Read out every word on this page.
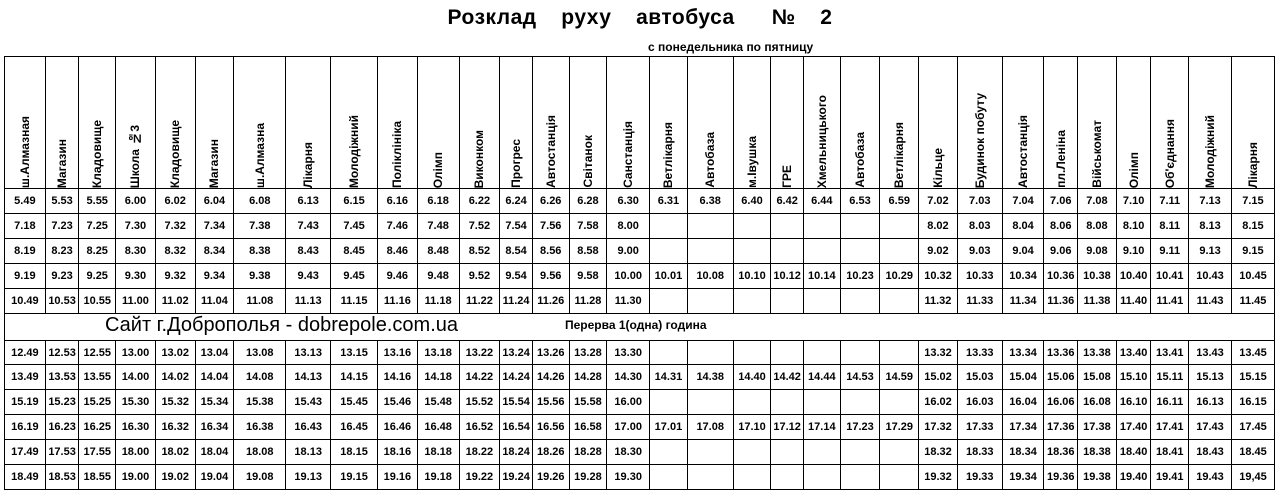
Розклад  руху  автобуса   №  2
с понедельника по пятницу
ш.Алмазная	Магазин	Кладовище	Школа №3	Кладовище	Магазин	ш.Алмазна	Лікарня	Молодіжний	Поліклініка	Олімп	Виконком	Прогрес	Автостанція	Світанок	Санстанція	Ветлікарня	Автобаза	м.Івушка	ГРЕ	Хмельницького	Автобаза	Ветлікарня	Кільце	Будинок побуту	Автостанція	пл.Леніна	Військомат	Олімп	Об'єднання	Молодіжний	Лікарня

5.49	5.53	5.55	6.00	6.02	6.04	6.08	6.13	6.15	6.16	6.18	6.22	6.24	6.26	6.28	6.30	6.31	6.38	6.40	6.42	6.44	6.53	6.59	7.02	7.03	7.04	7.06	7.08	7.10	7.11	7.13	7.15
7.18	7.23	7.25	7.30	7.32	7.34	7.38	7.43	7.45	7.46	7.48	7.52	7.54	7.56	7.58	8.00								8.02	8.03	8.04	8.06	8.08	8.10	8.11	8.13	8.15
8.19	8.23	8.25	8.30	8.32	8.34	8.38	8.43	8.45	8.46	8.48	8.52	8.54	8.56	8.58	9.00								9.02	9.03	9.04	9.06	9.08	9.10	9.11	9.13	9.15
9.19	9.23	9.25	9.30	9.32	9.34	9.38	9.43	9.45	9.46	9.48	9.52	9.54	9.56	9.58	10.00	10.01	10.08	10.10	10.12	10.14	10.23	10.29	10.32	10.33	10.34	10.36	10.38	10.40	10.41	10.43	10.45
10.49	10.53	10.55	11.00	11.02	11.04	11.08	11.13	11.15	11.16	11.18	11.22	11.24	11.26	11.28	11.30								11.32	11.33	11.34	11.36	11.38	11.40	11.41	11.43	11.45

Сайт г.Доброполья - dobrepole.com.ua Перерва 1(одна) година																															

12.49	12.53	12.55	13.00	13.02	13.04	13.08	13.13	13.15	13.16	13.18	13.22	13.24	13.26	13.28	13.30								13.32	13.33	13.34	13.36	13.38	13.40	13.41	13.43	13.45
13.49	13.53	13.55	14.00	14.02	14.04	14.08	14.13	14.15	14.16	14.18	14.22	14.24	14.26	14.28	14.30	14.31	14.38	14.40	14.42	14.44	14.53	14.59	15.02	15.03	15.04	15.06	15.08	15.10	15.11	15.13	15.15
15.19	15.23	15.25	15.30	15.32	15.34	15.38	15.43	15.45	15.46	15.48	15.52	15.54	15.56	15.58	16.00								16.02	16.03	16.04	16.06	16.08	16.10	16.11	16.13	16.15
16.19	16.23	16.25	16.30	16.32	16.34	16.38	16.43	16.45	16.46	16.48	16.52	16.54	16.56	16.58	17.00	17.01	17.08	17.10	17.12	17.14	17.23	17.29	17.32	17.33	17.34	17.36	17.38	17.40	17.41	17.43	17.45
17.49	17.53	17.55	18.00	18.02	18.04	18.08	18.13	18.15	18.16	18.18	18.22	18.24	18.26	18.28	18.30								18.32	18.33	18.34	18.36	18.38	18.40	18.41	18.43	18.45
18.49	18.53	18.55	19.00	19.02	19.04	19.08	19.13	19.15	19.16	19.18	19.22	19.24	19.26	19.28	19.30								19.32	19.33	19.34	19.36	19.38	19.40	19.41	19.43	19,45
